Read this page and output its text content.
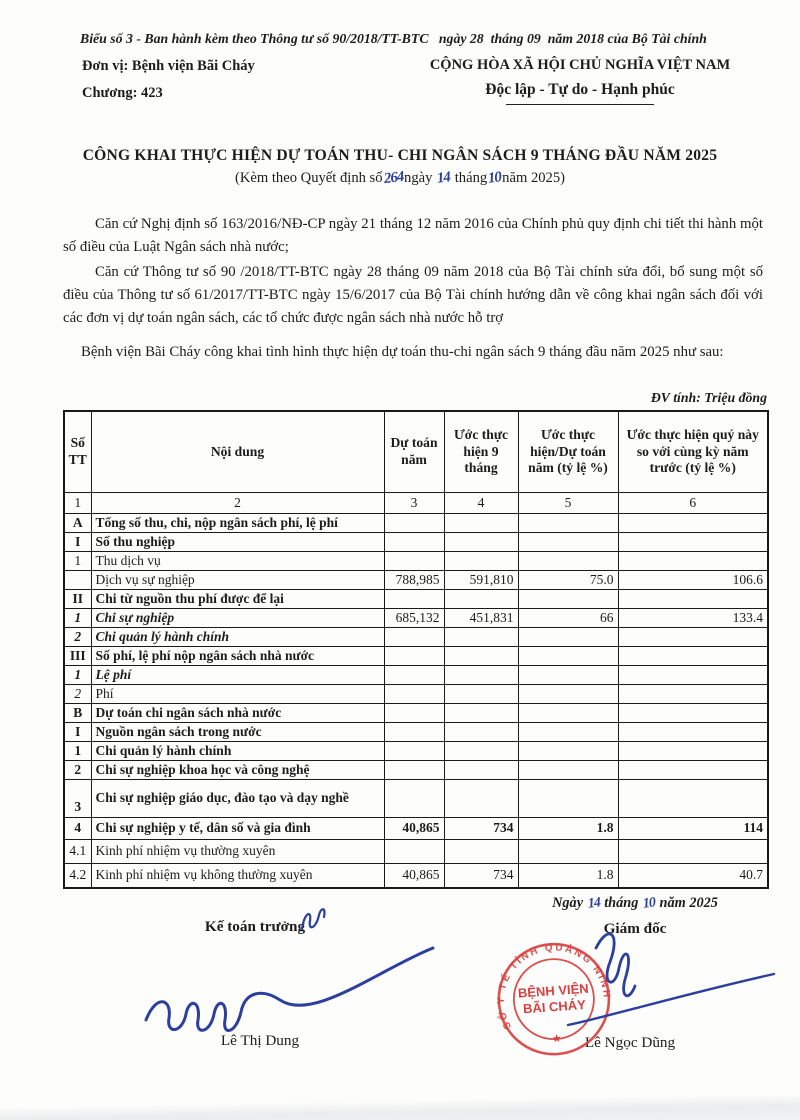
Biểu số 3 - Ban hành kèm theo Thông tư số 90/2018/TT-BTC   ngày 28  tháng 09  năm 2018 của Bộ Tài chính
Đơn vị: Bệnh viện Bãi Cháy
Chương: 423
CỘNG HÒA XÃ HỘI CHỦ NGHĨA VIỆT NAM
Độc lập - Tự do - Hạnh phúc
CÔNG KHAI THỰC HIỆN DỰ TOÁN THU- CHI NGÂN SÁCH 9 THÁNG ĐẦU NĂM 2025
(Kèm theo Quyết định số264ngày 14 tháng10năm 2025)
Căn cứ Nghị định số 163/2016/NĐ-CP ngày 21 tháng 12 năm 2016 của Chính phủ quy định chi tiết thi hành một số điều của Luật Ngân sách nhà nước;
Căn cứ Thông tư số 90 /2018/TT-BTC ngày 28 tháng 09 năm 2018 của Bộ Tài chính sửa đổi, bổ sung một số điều của Thông tư số 61/2017/TT-BTC ngày 15/6/2017 của Bộ Tài chính hướng dẫn về công khai ngân sách đối với các đơn vị dự toán ngân sách, các tổ chức được ngân sách nhà nước hỗ trợ
Bệnh viện Bãi Cháy công khai tình hình thực hiện dự toán thu-chi ngân sách 9 tháng đầu năm 2025 như sau:
ĐV tính: Triệu đồng
Số TT	Nội dung	Dự toán năm	Ước thực hiện 9 tháng	Ước thực hiện/Dự toán năm (tỷ lệ %)	Ước thực hiện quý này so với cùng kỳ năm trước (tỷ lệ %)
1	2	3	4	5	6
A	Tổng số thu, chi, nộp ngân sách phí, lệ phí				
I	Số thu nghiệp				
1	Thu dịch vụ				
	Dịch vụ sự nghiệp	788,985	591,810	75.0	106.6
II	Chi từ nguồn thu phí được để lại				
1	Chi sự nghiệp	685,132	451,831	66	133.4
2	Chi quản lý hành chính				
III	Số phí, lệ phí nộp ngân sách nhà nước				
1	Lệ phí				
2	Phí				
B	Dự toán chi ngân sách nhà nước				
I	Nguồn ngân sách trong nước				
1	Chi quản lý hành chính				
2	Chi sự nghiệp khoa học và công nghệ				
3	Chi sự nghiệp giáo dục, đào tạo và dạy nghề				
4	Chi sự nghiệp y tế, dân số và gia đình	40,865	734	1.8	114
4.1	Kinh phí nhiệm vụ thường xuyên				
4.2	Kinh phí nhiệm vụ không thường xuyên	40,865	734	1.8	40.7
Ngày 14 tháng 10 năm 2025
Kế toán trưởng	Giám đốc
Lê Thị Dung	Lê Ngọc Dũng
SỞ Y TẾ TỈNH QUẢNG NINH
BỆNH VIỆN
BÃI CHÁY
★
